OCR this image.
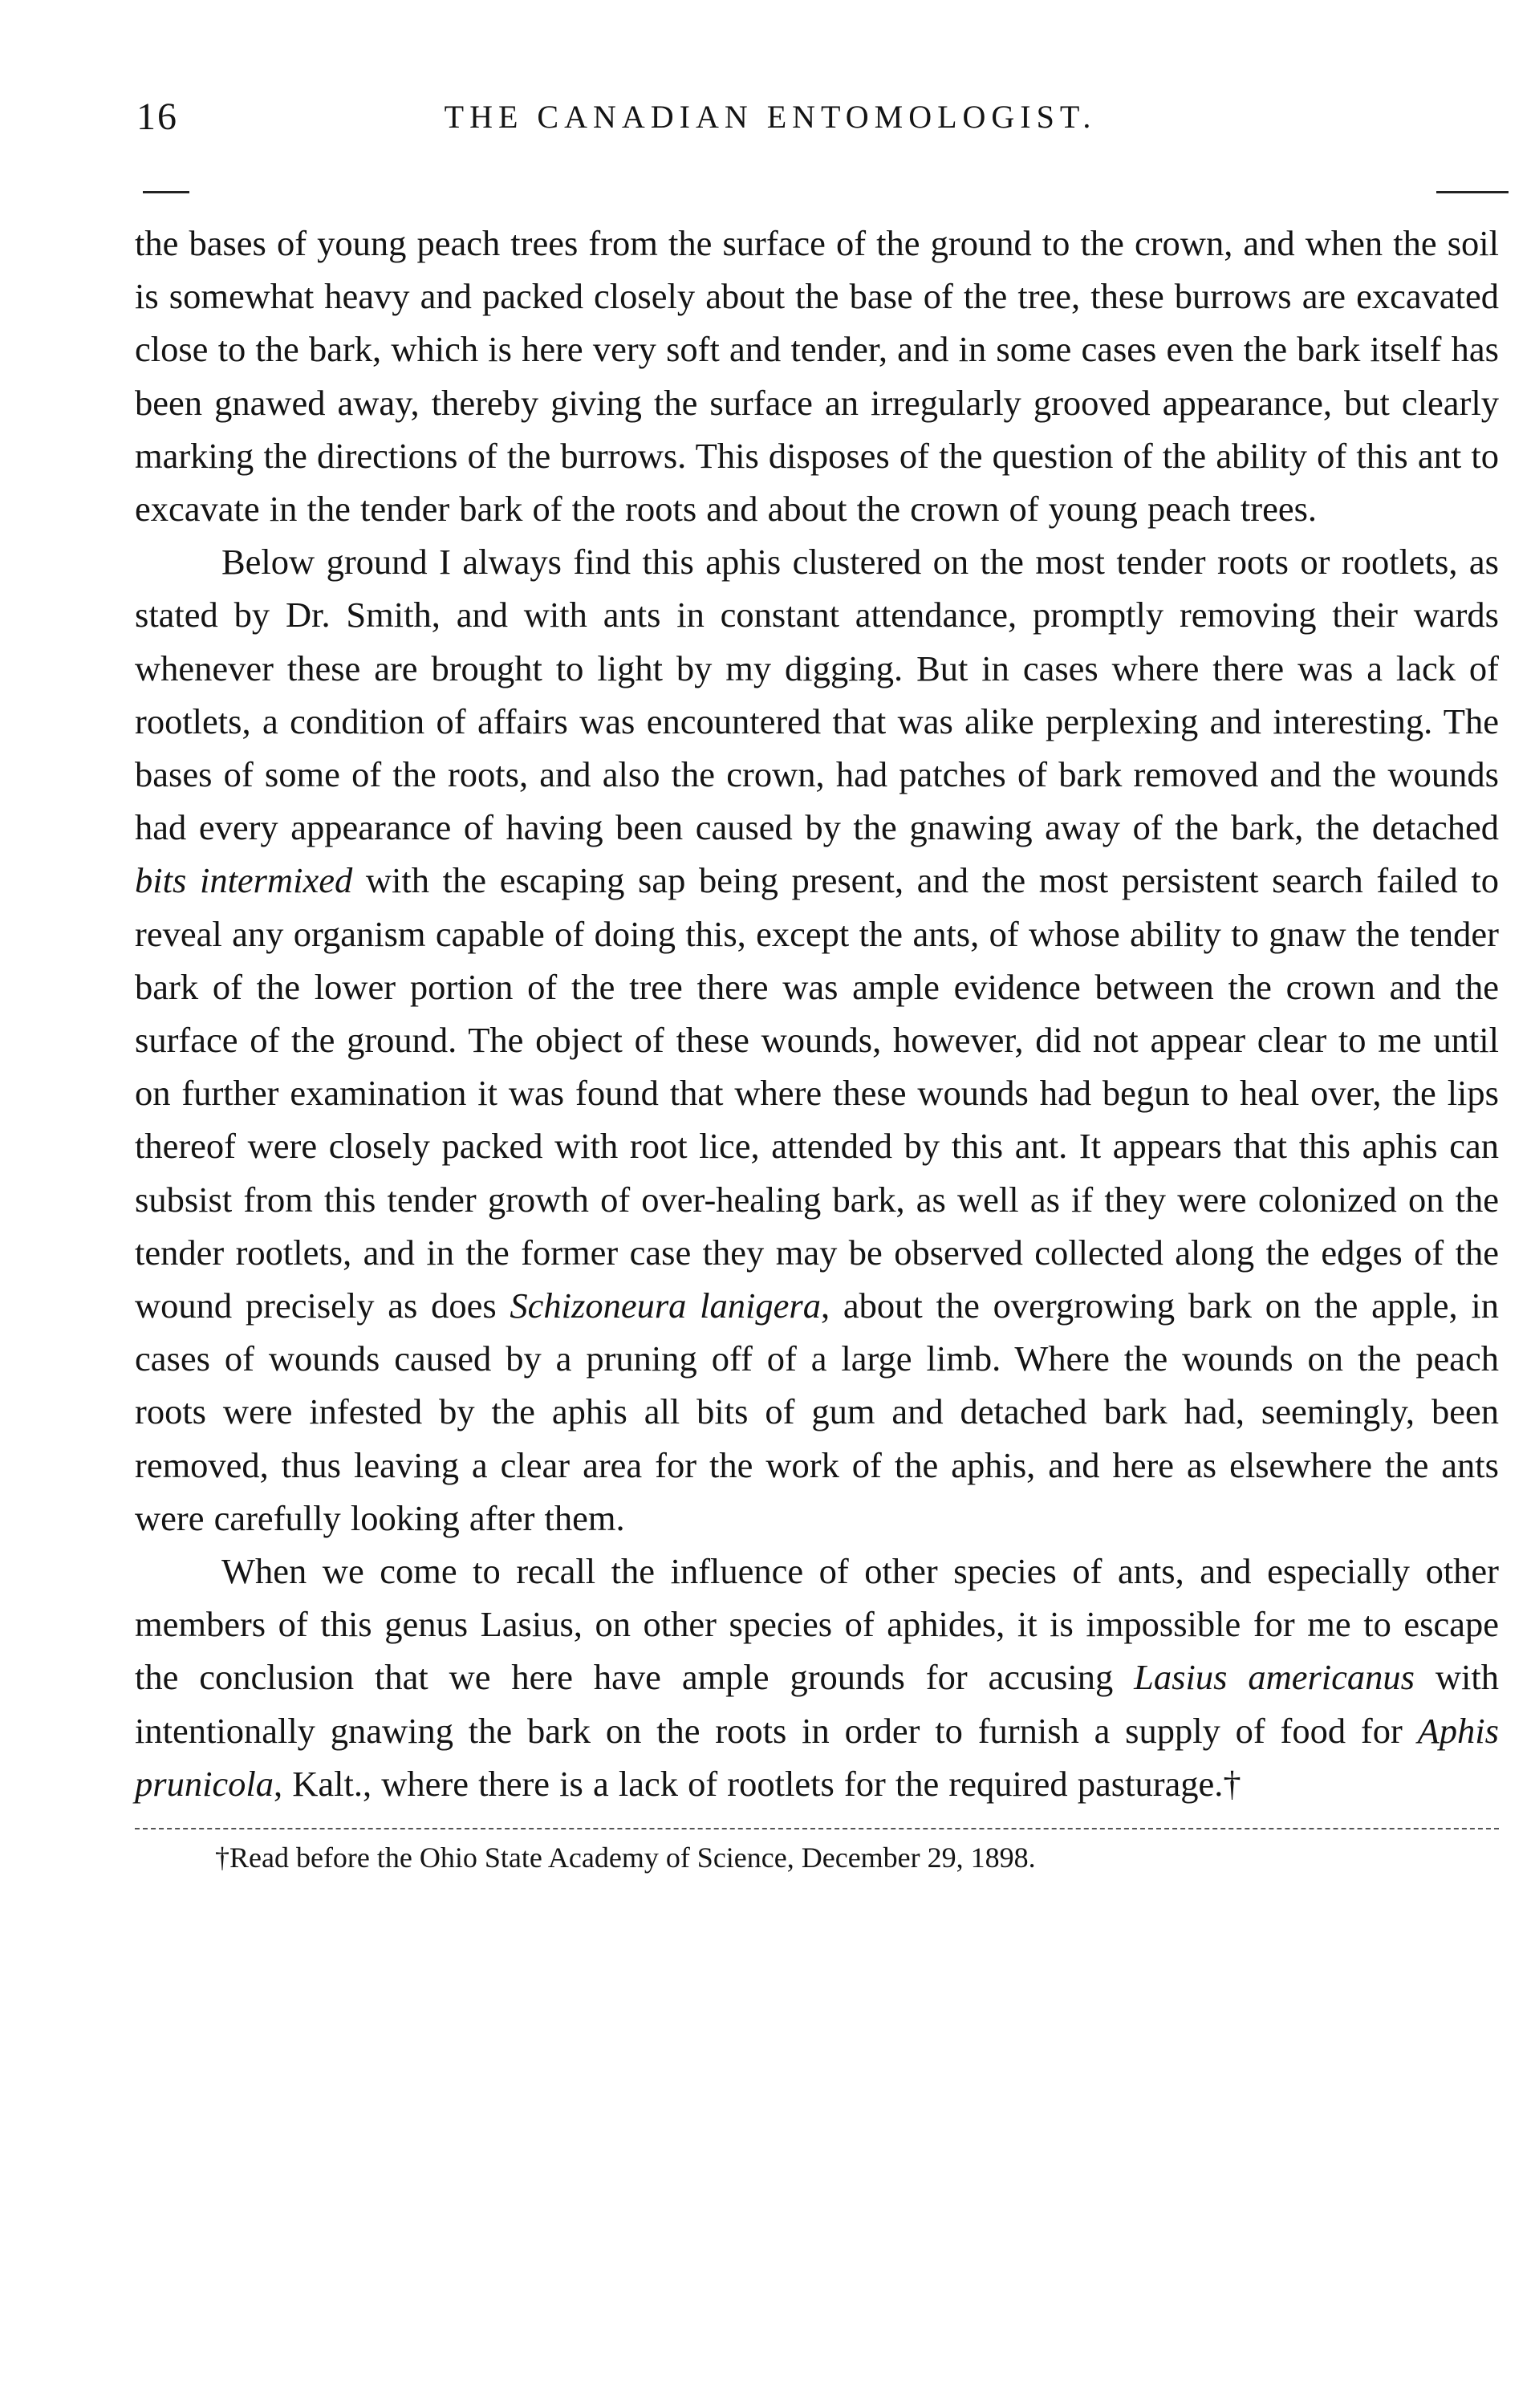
16	THE CANADIAN ENTOMOLOGIST.

the bases of young peach trees from the surface of the ground to the crown, and when the soil is somewhat heavy and packed closely about the base of the tree, these burrows are excavated close to the bark, which is here very soft and tender, and in some cases even the bark itself has been gnawed away, thereby giving the surface an irregularly grooved appearance, but clearly marking the directions of the burrows. This disposes of the question of the ability of this ant to excavate in the tender bark of the roots and about the crown of young peach trees.

Below ground I always find this aphis clustered on the most tender roots or rootlets, as stated by Dr. Smith, and with ants in constant attendance, promptly removing their wards whenever these are brought to light by my digging. But in cases where there was a lack of rootlets, a condition of affairs was encountered that was alike perplexing and interesting. The bases of some of the roots, and also the crown, had patches of bark removed and the wounds had every appearance of having been caused by the gnawing away of the bark, the detached bits intermixed with the escaping sap being present, and the most persistent search failed to reveal any organism capable of doing this, except the ants, of whose ability to gnaw the tender bark of the lower portion of the tree there was ample evidence between the crown and the surface of the ground. The object of these wounds, however, did not appear clear to me until on further examination it was found that where these wounds had begun to heal over, the lips thereof were closely packed with root lice, attended by this ant. It appears that this aphis can subsist from this tender growth of over-healing bark, as well as if they were colonized on the tender rootlets, and in the former case they may be observed collected along the edges of the wound precisely as does Schizoneura lanigera, about the overgrowing bark on the apple, in cases of wounds caused by a pruning off of a large limb. Where the wounds on the peach roots were infested by the aphis all bits of gum and detached bark had, seemingly, been removed, thus leaving a clear area for the work of the aphis, and here as elsewhere the ants were carefully looking after them.

When we come to recall the influence of other species of ants, and especially other members of this genus Lasius, on other species of aphides, it is impossible for me to escape the conclusion that we here have ample grounds for accusing Lasius americanus with intentionally gnawing the bark on the roots in order to furnish a supply of food for Aphis prunicola, Kalt., where there is a lack of rootlets for the required pasturage.†

†Read before the Ohio State Academy of Science, December 29, 1898.
